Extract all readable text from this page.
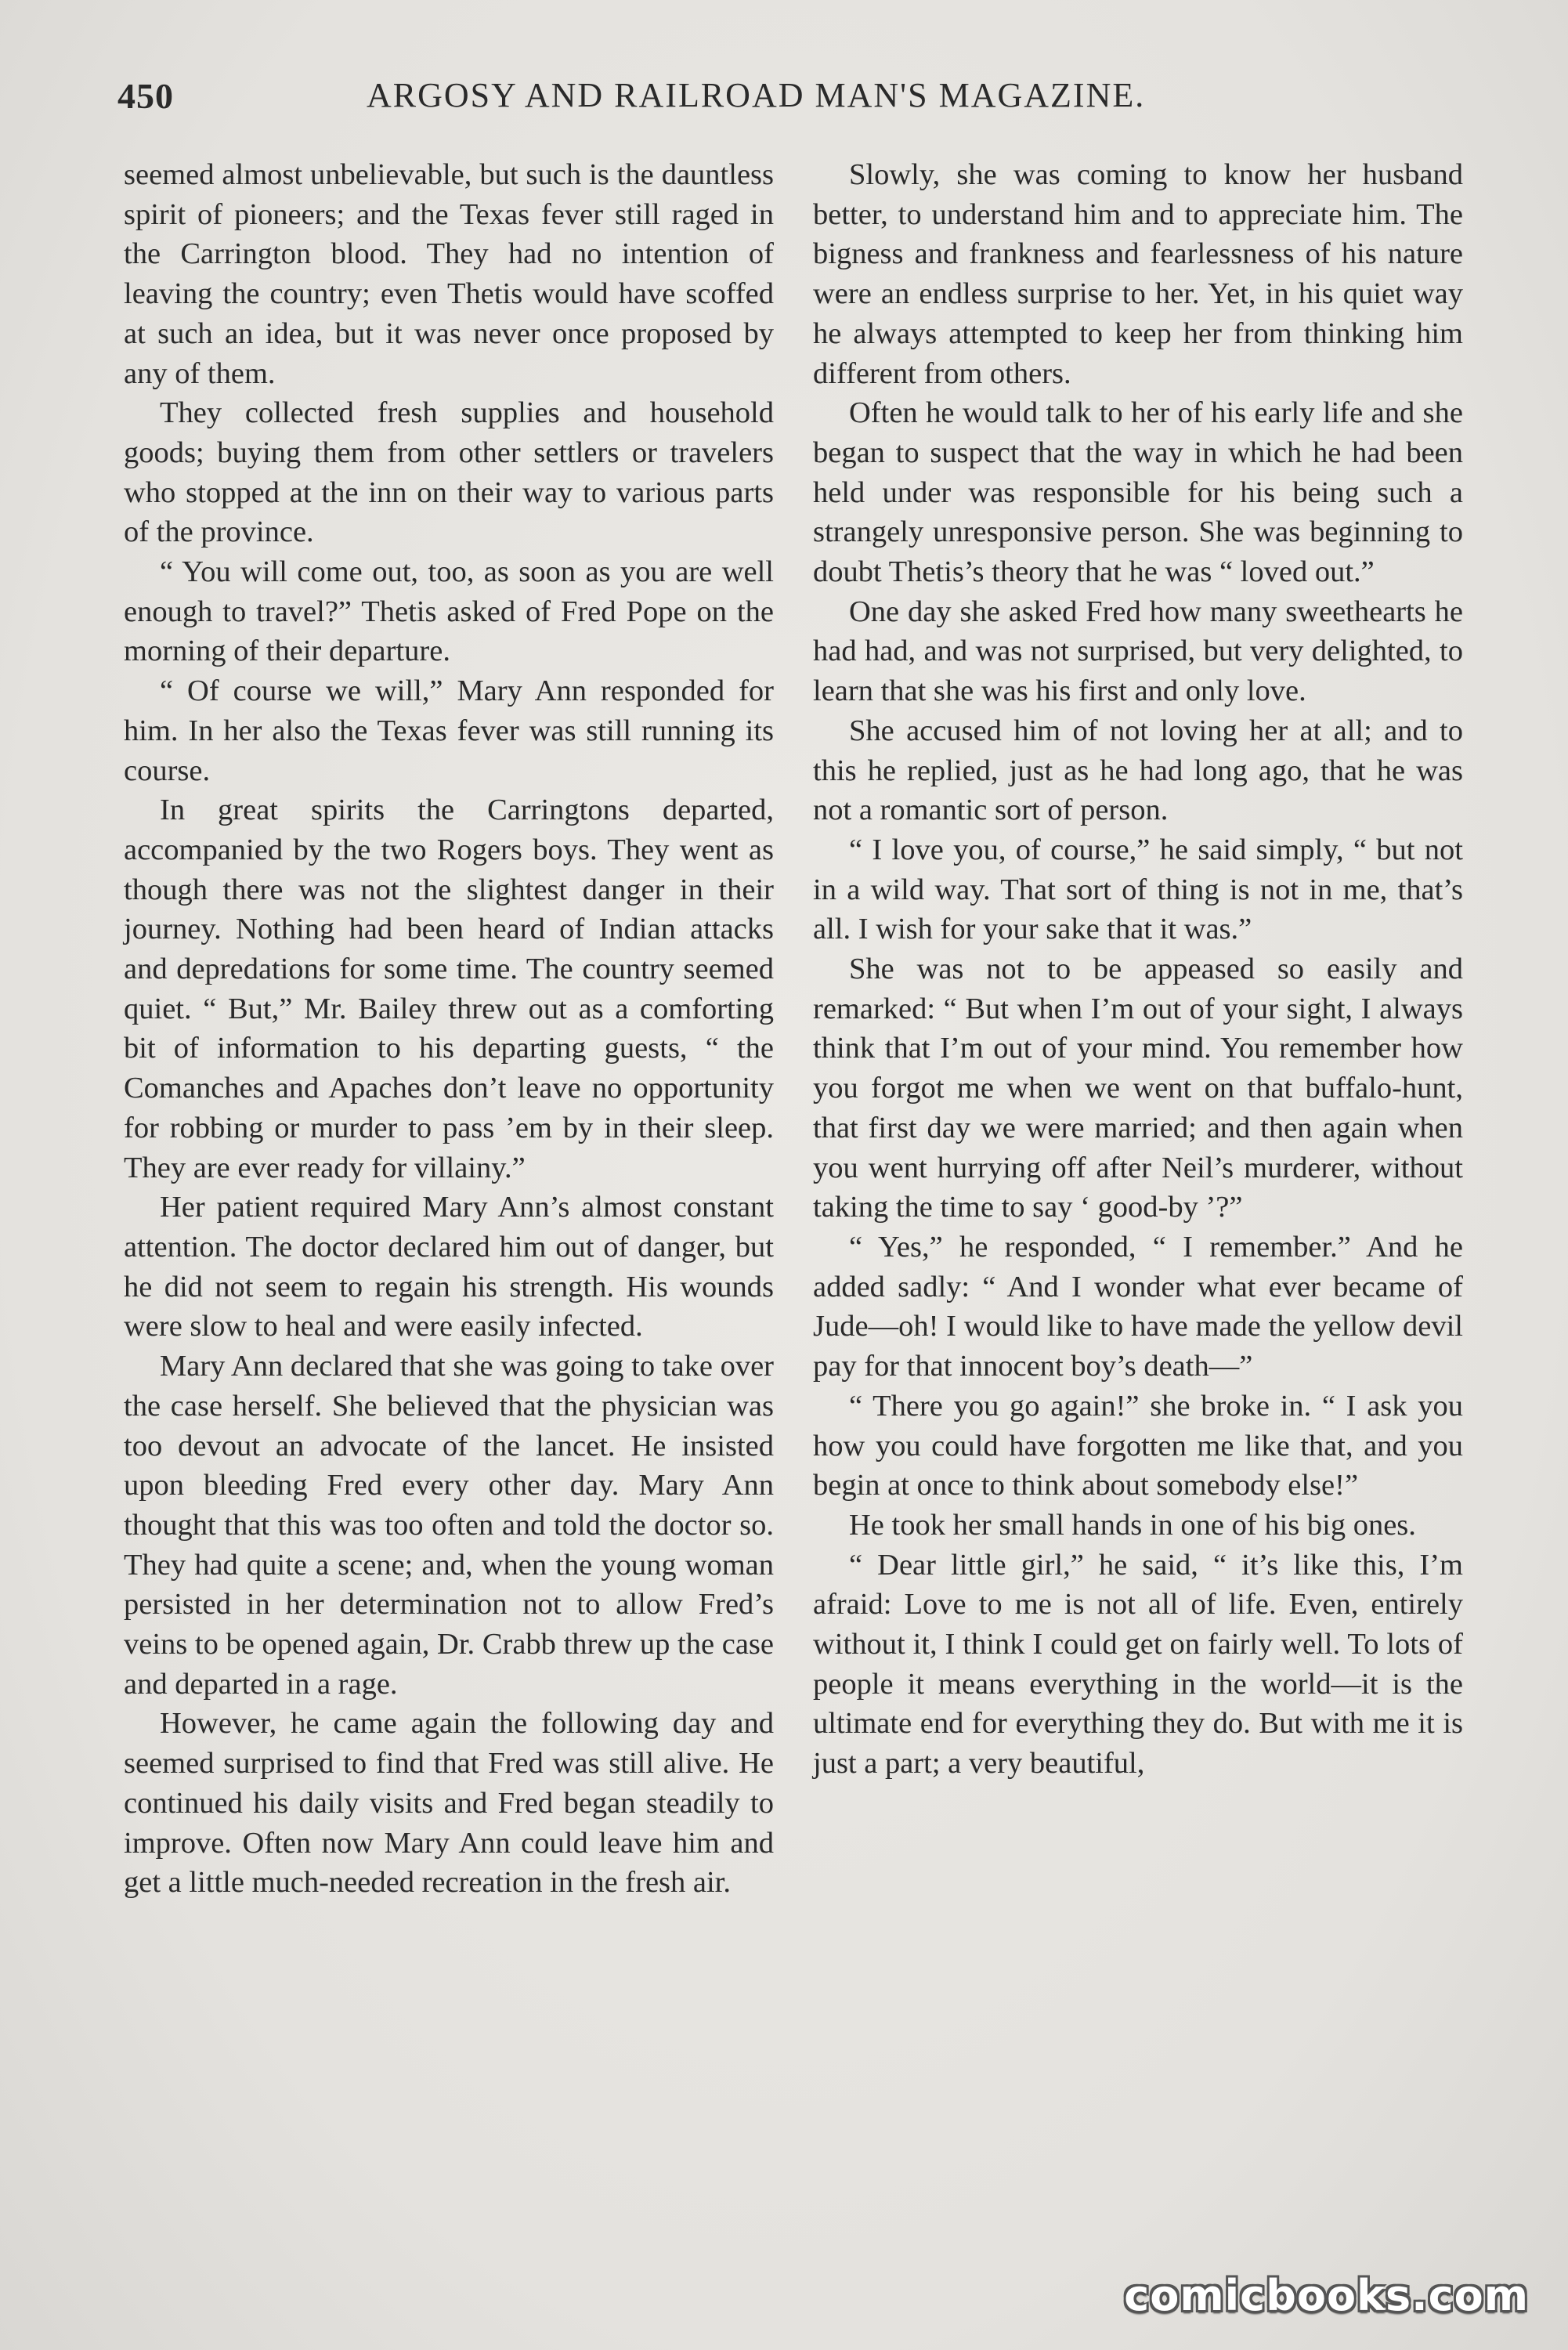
450	ARGOSY AND RAILROAD MAN'S MAGAZINE.

seemed almost unbelievable, but such is the dauntless spirit of pioneers; and the Texas fever still raged in the Carrington blood. They had no intention of leaving the country; even Thetis would have scoffed at such an idea, but it was never once proposed by any of them.

They collected fresh supplies and household goods; buying them from other settlers or travelers who stopped at the inn on their way to various parts of the province.

“ You will come out, too, as soon as you are well enough to travel?” Thetis asked of Fred Pope on the morning of their departure.

“ Of course we will,” Mary Ann responded for him. In her also the Texas fever was still running its course.

In great spirits the Carringtons departed, accompanied by the two Rogers boys. They went as though there was not the slightest danger in their journey. Nothing had been heard of Indian attacks and depredations for some time. The country seemed quiet. “ But,” Mr. Bailey threw out as a comforting bit of information to his departing guests, “ the Comanches and Apaches don’t leave no opportunity for robbing or murder to pass ’em by in their sleep. They are ever ready for villainy.”

Her patient required Mary Ann’s almost constant attention. The doctor declared him out of danger, but he did not seem to regain his strength. His wounds were slow to heal and were easily infected.

Mary Ann declared that she was going to take over the case herself. She believed that the physician was too devout an advocate of the lancet. He insisted upon bleeding Fred every other day. Mary Ann thought that this was too often and told the doctor so. They had quite a scene; and, when the young woman persisted in her determination not to allow Fred’s veins to be opened again, Dr. Crabb threw up the case and departed in a rage.

However, he came again the following day and seemed surprised to find that Fred was still alive. He continued his daily visits and Fred began steadily to improve. Often now Mary Ann could leave him and get a little much-needed recreation in the fresh air.

Slowly, she was coming to know her husband better, to understand him and to appreciate him. The bigness and frankness and fearlessness of his nature were an endless surprise to her. Yet, in his quiet way he always attempted to keep her from thinking him different from others.

Often he would talk to her of his early life and she began to suspect that the way in which he had been held under was responsible for his being such a strangely unresponsive person. She was beginning to doubt Thetis’s theory that he was “ loved out.”

One day she asked Fred how many sweethearts he had had, and was not surprised, but very delighted, to learn that she was his first and only love.

She accused him of not loving her at all; and to this he replied, just as he had long ago, that he was not a romantic sort of person.

“ I love you, of course,” he said simply, “ but not in a wild way. That sort of thing is not in me, that’s all. I wish for your sake that it was.”

She was not to be appeased so easily and remarked: “ But when I’m out of your sight, I always think that I’m out of your mind. You remember how you forgot me when we went on that buffalo-hunt, that first day we were married; and then again when you went hurrying off after Neil’s murderer, without taking the time to say ‘ good-by ’?”

“ Yes,” he responded, “ I remember.” And he added sadly: “ And I wonder what ever became of Jude—oh! I would like to have made the yellow devil pay for that innocent boy’s death—”

“ There you go again!” she broke in. “ I ask you how you could have forgotten me like that, and you begin at once to think about somebody else!”

He took her small hands in one of his big ones.

“ Dear little girl,” he said, “ it’s like this, I’m afraid: Love to me is not all of life. Even, entirely without it, I think I could get on fairly well. To lots of people it means everything in the world—it is the ultimate end for everything they do. But with me it is just a part; a very beautiful,

comicbooks.com
